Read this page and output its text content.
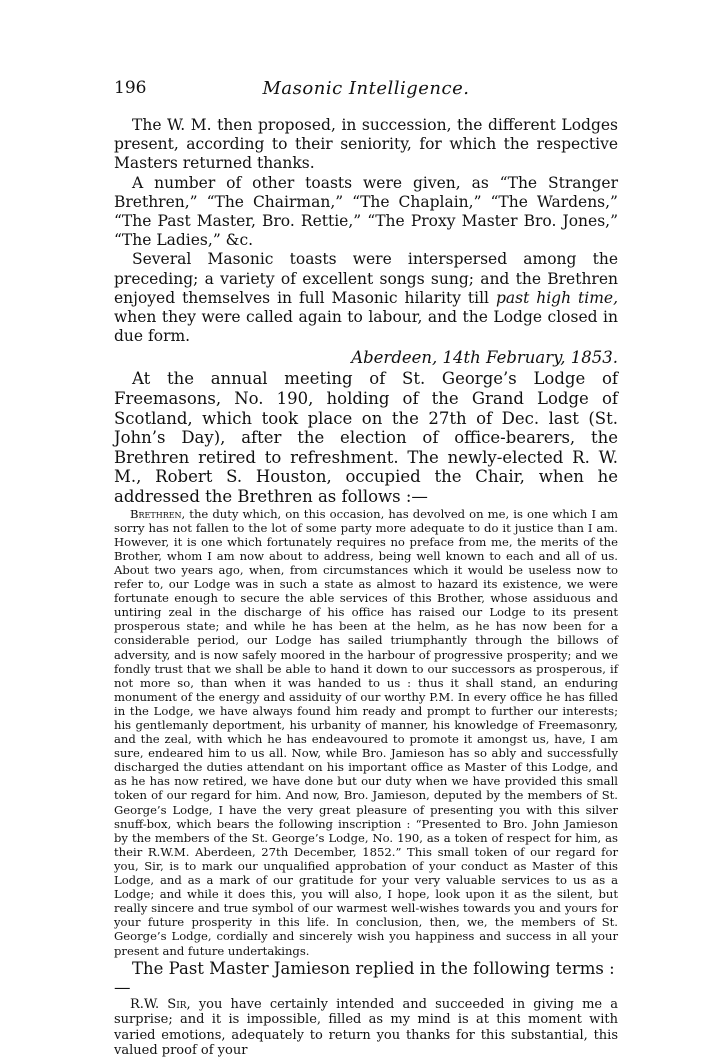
196	Masonic Intelligence.

The W. M. then proposed, in succession, the different Lodges present, according to their seniority, for which the respective Masters returned thanks.

A number of other toasts were given, as “The Stranger Brethren,” “The Chairman,” “The Chaplain,” “The Wardens,” “The Past Master, Bro. Rettie,” “The Proxy Master Bro. Jones,” “The Ladies,” &c.

Several Masonic toasts were interspersed among the preceding; a variety of excellent songs sung; and the Brethren enjoyed themselves in full Masonic hilarity till past high time, when they were called again to labour, and the Lodge closed in due form.

Aberdeen, 14th February, 1853.

At the annual meeting of St. George’s Lodge of Freemasons, No. 190, holding of the Grand Lodge of Scotland, which took place on the 27th of Dec. last (St. John’s Day), after the election of office-bearers, the Brethren retired to refreshment. The newly-elected R. W. M., Robert S. Houston, occupied the Chair, when he addressed the Brethren as follows :—

Brethren, the duty which, on this occasion, has devolved on me, is one which I am sorry has not fallen to the lot of some party more adequate to do it justice than I am. However, it is one which fortunately requires no preface from me, the merits of the Brother, whom I am now about to address, being well known to each and all of us. About two years ago, when, from circumstances which it would be useless now to refer to, our Lodge was in such a state as almost to hazard its existence, we were fortunate enough to secure the able services of this Brother, whose assiduous and untiring zeal in the discharge of his office has raised our Lodge to its present prosperous state; and while he has been at the helm, as he has now been for a considerable period, our Lodge has sailed triumphantly through the billows of adversity, and is now safely moored in the harbour of progressive prosperity; and we fondly trust that we shall be able to hand it down to our successors as prosperous, if not more so, than when it was handed to us : thus it shall stand, an enduring monument of the energy and assiduity of our worthy P.M. In every office he has filled in the Lodge, we have always found him ready and prompt to further our interests; his gentlemanly deportment, his urbanity of manner, his knowledge of Freemasonry, and the zeal, with which he has endeavoured to promote it amongst us, have, I am sure, endeared him to us all. Now, while Bro. Jamieson has so ably and successfully discharged the duties attendant on his important office as Master of this Lodge, and as he has now retired, we have done but our duty when we have provided this small token of our regard for him. And now, Bro. Jamieson, deputed by the members of St. George’s Lodge, I have the very great pleasure of presenting you with this silver snuff-box, which bears the following inscription : “Presented to Bro. John Jamieson by the members of the St. George’s Lodge, No. 190, as a token of respect for him, as their R.W.M. Aberdeen, 27th December, 1852.” This small token of our regard for you, Sir, is to mark our unqualified approbation of your conduct as Master of this Lodge, and as a mark of our gratitude for your very valuable services to us as a Lodge; and while it does this, you will also, I hope, look upon it as the silent, but really sincere and true symbol of our warmest well-wishes towards you and yours for your future prosperity in this life. In conclusion, then, we, the members of St. George’s Lodge, cordially and sincerely wish you happiness and success in all your present and future undertakings.

The Past Master Jamieson replied in the following terms :—

R.W. Sir, you have certainly intended and succeeded in giving me a surprise; and it is impossible, filled as my mind is at this moment with varied emotions, adequately to return you thanks for this substantial, this valued proof of your
